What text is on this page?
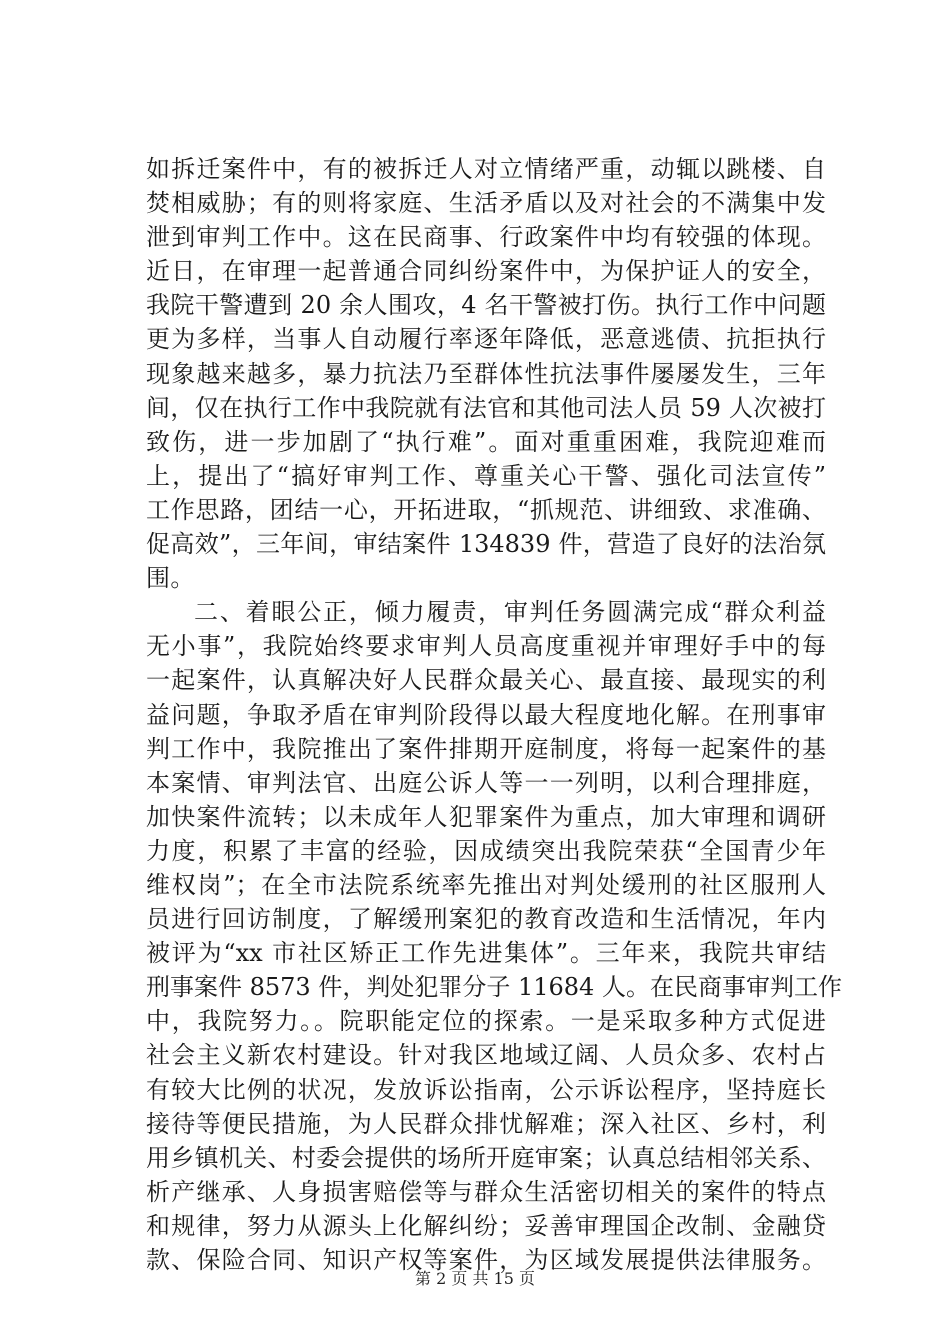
如拆迁案件中，有的被拆迁人对立情绪严重，动辄以跳楼、自
焚相威胁；有的则将家庭、生活矛盾以及对社会的不满集中发
泄到审判工作中。这在民商事、行政案件中均有较强的体现。
近日，在审理一起普通合同纠纷案件中，为保护证人的安全，
我院干警遭到 20 余人围攻，4 名干警被打伤。执行工作中问题
更为多样，当事人自动履行率逐年降低，恶意逃债、抗拒执行
现象越来越多，暴力抗法乃至群体性抗法事件屡屡发生，三年
间，仅在执行工作中我院就有法官和其他司法人员 59 人次被打
致伤，进一步加剧了“执行难”。面对重重困难，我院迎难而
上，提出了“搞好审判工作、尊重关心干警、强化司法宣传”
工作思路，团结一心，开拓进取，“抓规范、讲细致、求准确、
促高效”，三年间，审结案件 134839 件，营造了良好的法治氛
围。
二、着眼公正，倾力履责，审判任务圆满完成“群众利益
无小事”，我院始终要求审判人员高度重视并审理好手中的每
一起案件，认真解决好人民群众最关心、最直接、最现实的利
益问题，争取矛盾在审判阶段得以最大程度地化解。在刑事审
判工作中，我院推出了案件排期开庭制度，将每一起案件的基
本案情、审判法官、出庭公诉人等一一列明，以利合理排庭，
加快案件流转；以未成年人犯罪案件为重点，加大审理和调研
力度，积累了丰富的经验，因成绩突出我院荣获“全国青少年
维权岗”；在全市法院系统率先推出对判处缓刑的社区服刑人
员进行回访制度，了解缓刑案犯的教育改造和生活情况，年内
被评为“xx 市社区矫正工作先进集体”。三年来，我院共审结
刑事案件 8573 件，判处犯罪分子 11684 人。在民商事审判工作
中，我院努力。。院职能定位的探索。一是采取多种方式促进
社会主义新农村建设。针对我区地域辽阔、人员众多、农村占
有较大比例的状况，发放诉讼指南，公示诉讼程序，坚持庭长
接待等便民措施，为人民群众排忧解难；深入社区、乡村，利
用乡镇机关、村委会提供的场所开庭审案；认真总结相邻关系、
析产继承、人身损害赔偿等与群众生活密切相关的案件的特点
和规律，努力从源头上化解纠纷；妥善审理国企改制、金融贷
款、保险合同、知识产权等案件，为区域发展提供法律服务。
第 2 页 共 15 页
